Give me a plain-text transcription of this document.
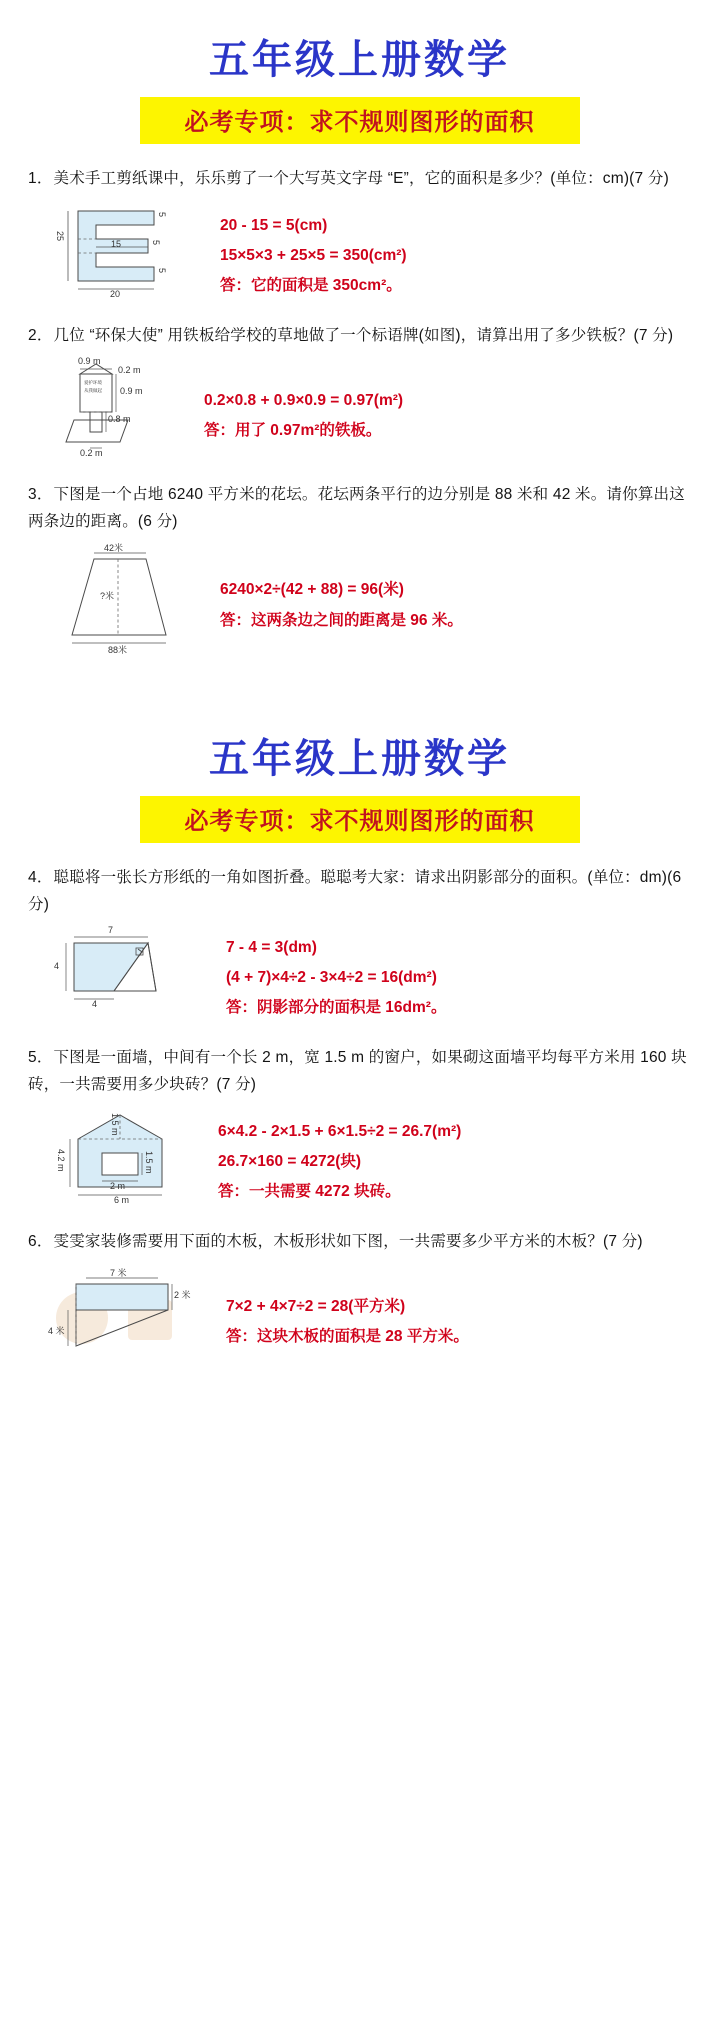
五年级上册数学
必考专项：求不规则图形的面积
1．美术手工剪纸课中，乐乐剪了一个大写英文字母 “E”，它的面积是多少？(单位：cm)(7 分)
25
15
20
5
5
5
20 - 15 = 5(cm)
15×5×3 + 25×5 = 350(cm²)
答：它的面积是 350cm²。
2．几位 “环保大使” 用铁板给学校的草地做了一个标语牌(如图)，请算出用了多少铁板？(7 分)
爱护环境
从我做起
0.9 m
0.2 m
0.9 m
0.8 m
0.2 m
0.2×0.8 + 0.9×0.9 = 0.97(m²)
答：用了 0.97m²的铁板。
3．下图是一个占地 6240 平方米的花坛。花坛两条平行的边分别是 88 米和 42 米。请你算出这两条边的距离。(6 分)
42米
?米
88米
6240×2÷(42 + 88) = 96(米)
答：这两条边之间的距离是 96 米。
五年级上册数学
必考专项：求不规则图形的面积
4．聪聪将一张长方形纸的一角如图折叠。聪聪考大家：请求出阴影部分的面积。(单位：dm)(6 分)
7
4
4
7 - 4 = 3(dm)
(4 + 7)×4÷2 - 3×4÷2 = 16(dm²)
答：阴影部分的面积是 16dm²。
5．下图是一面墙，中间有一个长 2 m，宽 1.5 m 的窗户，如果砌这面墙平均每平方米用 160 块砖，一共需要用多少块砖？(7 分)
1.5 m
4.2 m	1.5 m
2 m
6 m
6×4.2 - 2×1.5 + 6×1.5÷2 = 26.7(m²)
26.7×160 = 4272(块)
答：一共需要 4272 块砖。
6．雯雯家装修需要用下面的木板，木板形状如下图，一共需要多少平方米的木板？(7 分)
7 米
2 米
4 米
7×2 + 4×7÷2 = 28(平方米)
答：这块木板的面积是 28 平方米。
